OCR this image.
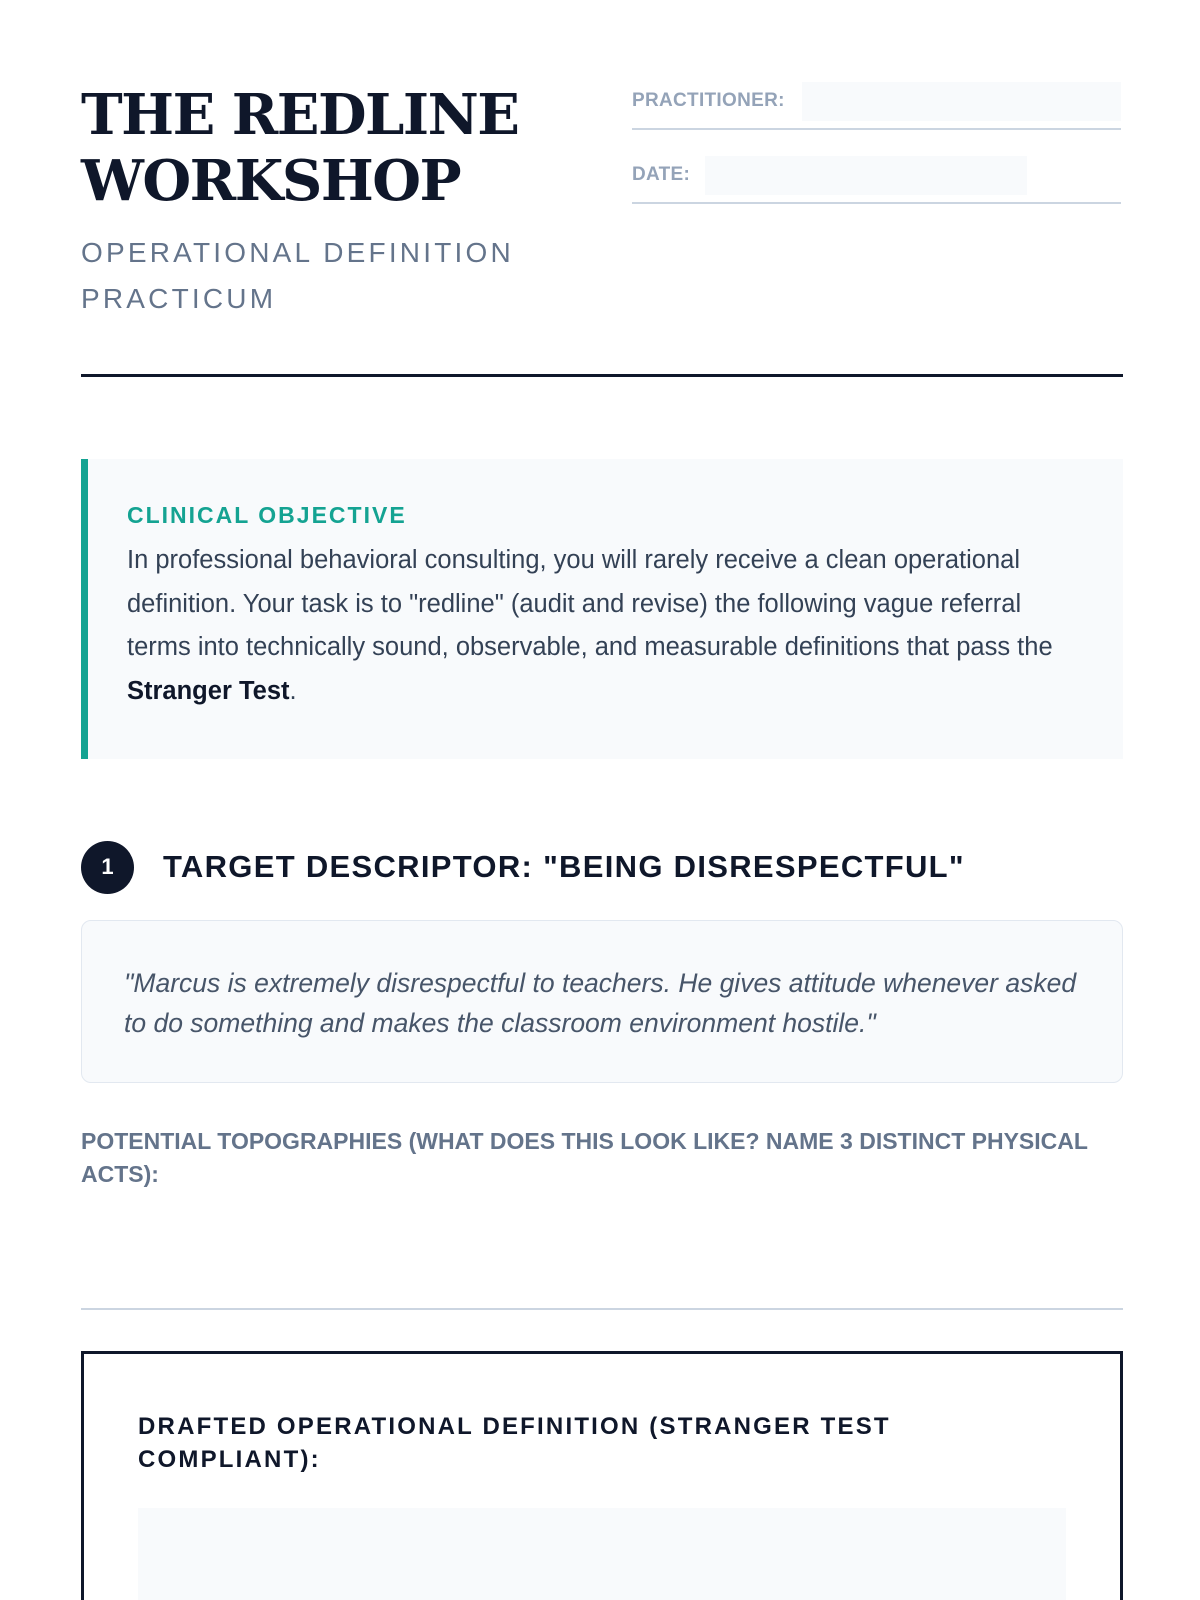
THE REDLINE
WORKSHOP
OPERATIONAL DEFINITION
PRACTICUM
PRACTITIONER:
DATE:
CLINICAL OBJECTIVE

In professional behavioral consulting, you will rarely receive a clean operational definition. Your task is to "redline" (audit and revise) the following vague referral terms into technically sound, observable, and measurable definitions that pass the Stranger Test.

1	TARGET DESCRIPTOR: "BEING DISRESPECTFUL"
"Marcus is extremely disrespectful to teachers. He gives attitude whenever asked to do something and makes the classroom environment hostile."
POTENTIAL TOPOGRAPHIES (WHAT DOES THIS LOOK LIKE? NAME 3 DISTINCT PHYSICAL ACTS):
DRAFTED OPERATIONAL DEFINITION (STRANGER TEST COMPLIANT):
